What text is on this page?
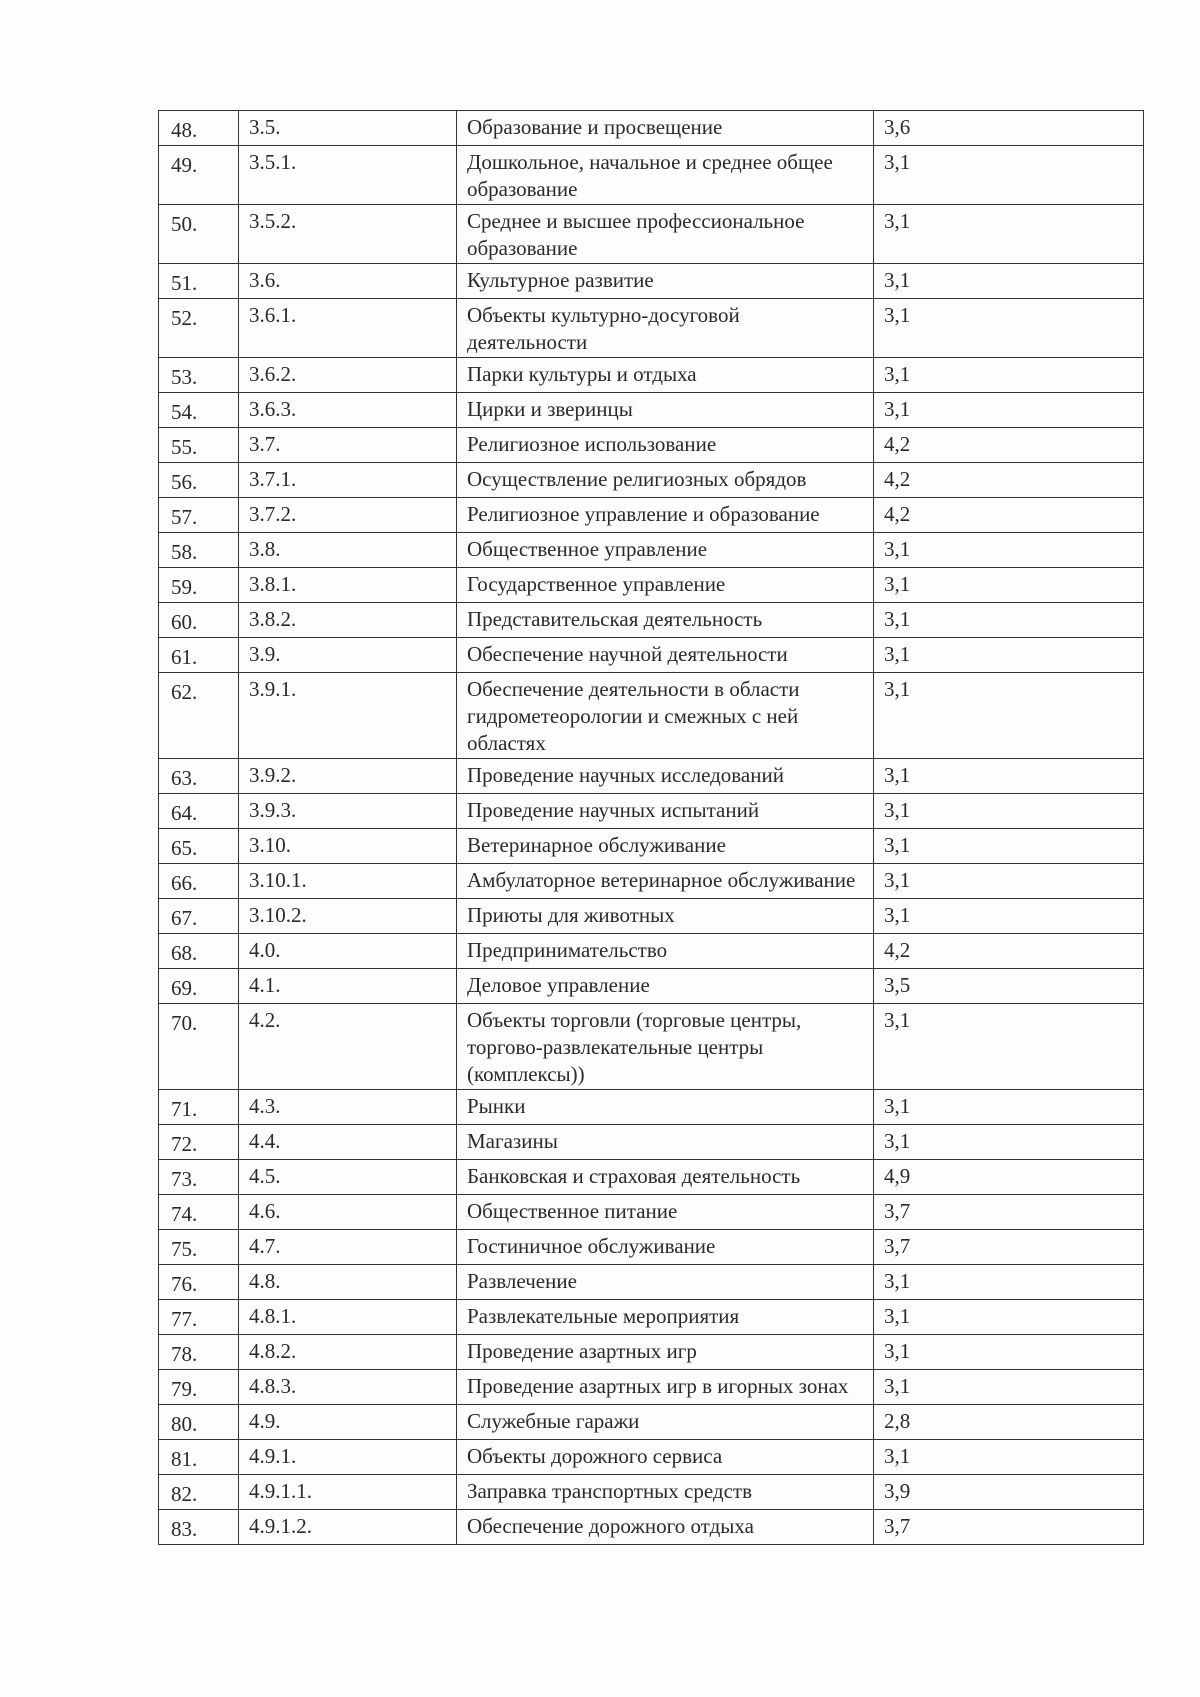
48.	3.5.	Образование и просвещение	3,6
49.	3.5.1.	Дошкольное, начальное и среднее общее образование	3,1
50.	3.5.2.	Среднее и высшее профессиональное образование	3,1
51.	3.6.	Культурное развитие	3,1
52.	3.6.1.	Объекты культурно-досуговой деятельности	3,1
53.	3.6.2.	Парки культуры и отдыха	3,1
54.	3.6.3.	Цирки и зверинцы	3,1
55.	3.7.	Религиозное использование	4,2
56.	3.7.1.	Осуществление религиозных обрядов	4,2
57.	3.7.2.	Религиозное управление и образование	4,2
58.	3.8.	Общественное управление	3,1
59.	3.8.1.	Государственное управление	3,1
60.	3.8.2.	Представительская деятельность	3,1
61.	3.9.	Обеспечение научной деятельности	3,1
62.	3.9.1.	Обеспечение деятельности в области гидрометеорологии и смежных с ней областях	3,1
63.	3.9.2.	Проведение научных исследований	3,1
64.	3.9.3.	Проведение научных испытаний	3,1
65.	3.10.	Ветеринарное обслуживание	3,1
66.	3.10.1.	Амбулаторное ветеринарное обслуживание	3,1
67.	3.10.2.	Приюты для животных	3,1
68.	4.0.	Предпринимательство	4,2
69.	4.1.	Деловое управление	3,5
70.	4.2.	Объекты торговли (торговые центры, торгово-развлекательные центры (комплексы))	3,1
71.	4.3.	Рынки	3,1
72.	4.4.	Магазины	3,1
73.	4.5.	Банковская и страховая деятельность	4,9
74.	4.6.	Общественное питание	3,7
75.	4.7.	Гостиничное обслуживание	3,7
76.	4.8.	Развлечение	3,1
77.	4.8.1.	Развлекательные мероприятия	3,1
78.	4.8.2.	Проведение азартных игр	3,1
79.	4.8.3.	Проведение азартных игр в игорных зонах	3,1
80.	4.9.	Служебные гаражи	2,8
81.	4.9.1.	Объекты дорожного сервиса	3,1
82.	4.9.1.1.	Заправка транспортных средств	3,9
83.	4.9.1.2.	Обеспечение дорожного отдыха	3,7
